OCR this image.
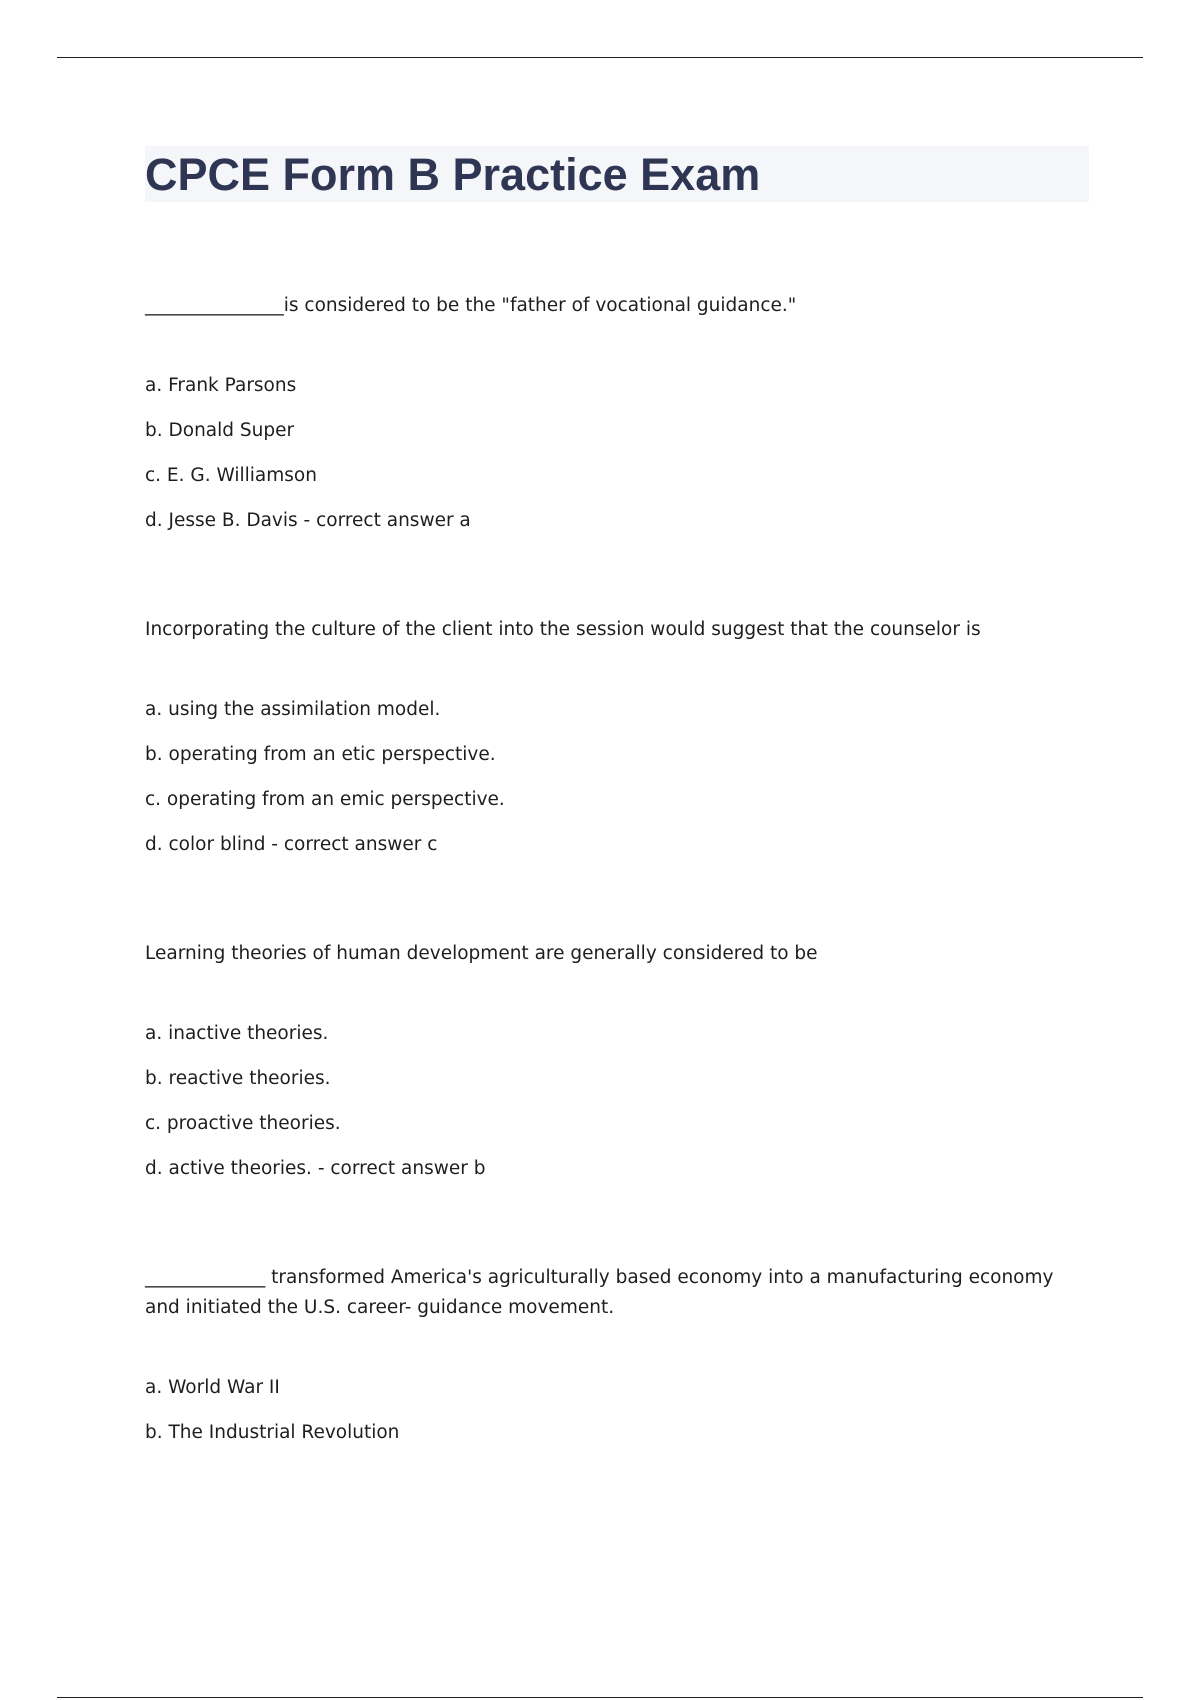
CPCE Form B Practice Exam

_______________is considered to be the "father of vocational guidance."

a. Frank Parsons

b. Donald Super

c. E. G. Williamson

d. Jesse B. Davis - correct answer a

Incorporating the culture of the client into the session would suggest that the counselor is

a. using the assimilation model.

b. operating from an etic perspective.

c. operating from an emic perspective.

d. color blind - correct answer c

Learning theories of human development are generally considered to be

a. inactive theories.

b. reactive theories.

c. proactive theories.

d. active theories. - correct answer b

_____________ transformed America's agriculturally based economy into a manufacturing economy and initiated the U.S. career- guidance movement.

a. World War II

b. The Industrial Revolution
